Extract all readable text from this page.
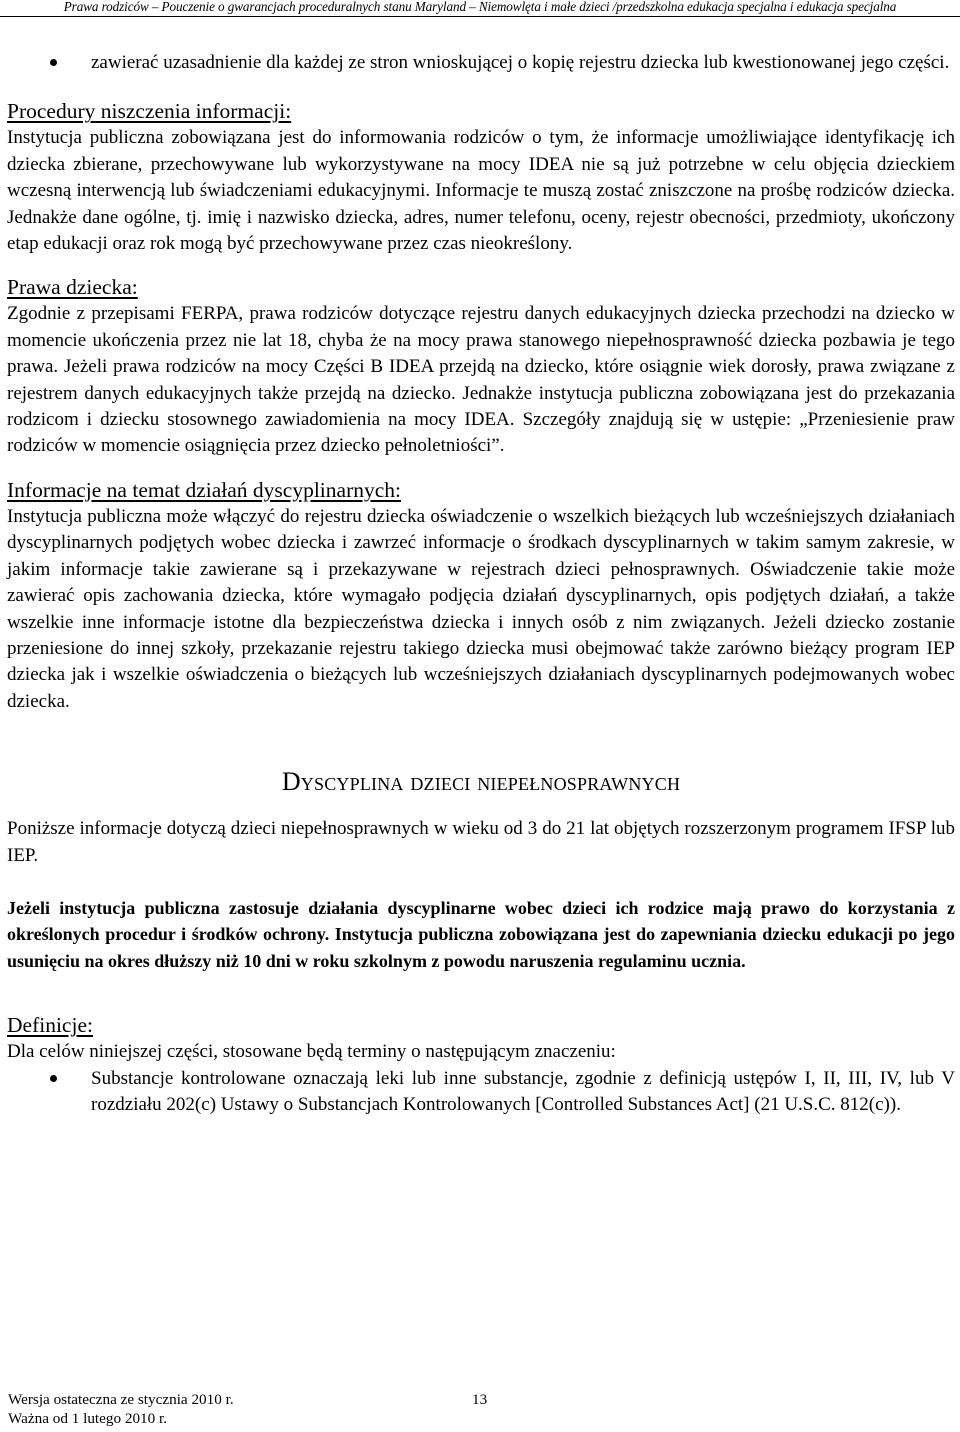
Prawa rodziców – Pouczenie o gwarancjach proceduralnych stanu Maryland – Niemowlęta i małe dzieci /przedszkolna edukacja specjalna i edukacja specjalna
zawierać uzasadnienie dla każdej ze stron wnioskującej o kopię rejestru dziecka lub kwestionowanej jego części.
Procedury niszczenia informacji:

Instytucja publiczna zobowiązana jest do informowania rodziców o tym, że informacje umożliwiające identyfikację ich dziecka zbierane, przechowywane lub wykorzystywane na mocy IDEA nie są już potrzebne w celu objęcia dzieckiem wczesną interwencją lub świadczeniami edukacyjnymi. Informacje te muszą zostać zniszczone na prośbę rodziców dziecka. Jednakże dane ogólne, tj. imię i nazwisko dziecka, adres, numer telefonu, oceny, rejestr obecności, przedmioty, ukończony etap edukacji oraz rok mogą być przechowywane przez czas nieokreślony.

Prawa dziecka:

Zgodnie z przepisami FERPA, prawa rodziców dotyczące rejestru danych edukacyjnych dziecka przechodzi na dziecko w momencie ukończenia przez nie lat 18, chyba że na mocy prawa stanowego niepełnosprawność dziecka pozbawia je tego prawa. Jeżeli prawa rodziców na mocy Części B IDEA przejdą na dziecko, które osiągnie wiek dorosły, prawa związane z rejestrem danych edukacyjnych także przejdą na dziecko. Jednakże instytucja publiczna zobowiązana jest do przekazania rodzicom i dziecku stosownego zawiadomienia na mocy IDEA. Szczegóły znajdują się w ustępie: „Przeniesienie praw rodziców w momencie osiągnięcia przez dziecko pełnoletniości”.

Informacje na temat działań dyscyplinarnych:

Instytucja publiczna może włączyć do rejestru dziecka oświadczenie o wszelkich bieżących lub wcześniejszych działaniach dyscyplinarnych podjętych wobec dziecka i zawrzeć informacje o środkach dyscyplinarnych w takim samym zakresie, w jakim informacje takie zawierane są i przekazywane w rejestrach dzieci pełnosprawnych. Oświadczenie takie może zawierać opis zachowania dziecka, które wymagało podjęcia działań dyscyplinarnych, opis podjętych działań, a także wszelkie inne informacje istotne dla bezpieczeństwa dziecka i innych osób z nim związanych. Jeżeli dziecko zostanie przeniesione do innej szkoły, przekazanie rejestru takiego dziecka musi obejmować także zarówno bieżący program IEP dziecka jak i wszelkie oświadczenia o bieżących lub wcześniejszych działaniach dyscyplinarnych podejmowanych wobec dziecka.

Dyscyplina dzieci niepełnosprawnych

Poniższe informacje dotyczą dzieci niepełnosprawnych w wieku od 3 do 21 lat objętych rozszerzonym programem IFSP lub IEP.

Jeżeli instytucja publiczna zastosuje działania dyscyplinarne wobec dzieci ich rodzice mają prawo do korzystania z określonych procedur i środków ochrony. Instytucja publiczna zobowiązana jest do zapewniania dziecku edukacji po jego usunięciu na okres dłuższy niż 10 dni w roku szkolnym z powodu naruszenia regulaminu ucznia.

Definicje:

Dla celów niniejszej części, stosowane będą terminy o następującym znaczeniu:

Substancje kontrolowane oznaczają leki lub inne substancje, zgodnie z definicją ustępów I, II, III, IV, lub V rozdziału 202(c) Ustawy o Substancjach Kontrolowanych [Controlled Substances Act] (21 U.S.C. 812(c)).
Wersja ostateczna ze stycznia 2010 r.
Ważna od 1 lutego 2010 r.
13
